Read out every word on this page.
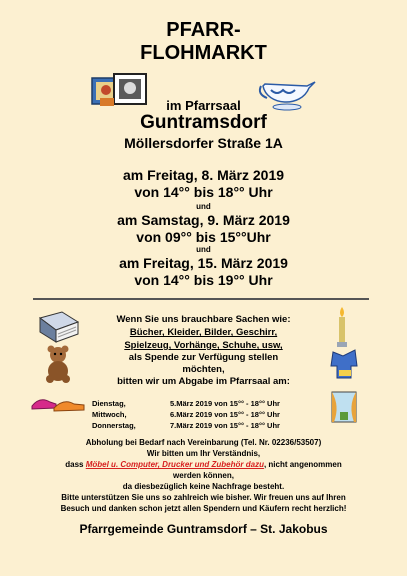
PFARR-
FLOHMARKT
im Pfarrsaal
Guntramsdorf
Möllersdorfer Straße 1A
am Freitag, 8. März 2019
von 14°° bis 18°° Uhr
und
am Samstag, 9. März 2019
von 09°° bis 15°°Uhr
und
am Freitag, 15. März 2019
von 14°° bis 19°° Uhr
Wenn Sie uns brauchbare Sachen wie:
Bücher, Kleider, Bilder, Geschirr,
Spielzeug, Vorhänge, Schuhe, usw,
als Spende zur Verfügung stellen
möchten,
bitten wir um Abgabe im Pfarrsaal am:
Dienstag,	5.März 2019 von 15°° - 18°° Uhr
Mittwoch,	6.März 2019 von 15°° - 18°° Uhr
Donnerstag,	7.März 2019 von 15°° - 18°° Uhr
Abholung bei Bedarf nach Vereinbarung (Tel. Nr. 02236/53507)
Wir bitten um Ihr Verständnis,
dass Möbel u. Computer, Drucker und Zubehör dazu, nicht angenommen
werden können,
da diesbezüglich keine Nachfrage besteht.
Bitte unterstützen Sie uns so zahlreich wie bisher. Wir freuen uns auf Ihren
Besuch und danken schon jetzt allen Spendern und Käufern recht herzlich!
Pfarrgemeinde Guntramsdorf – St. Jakobus
